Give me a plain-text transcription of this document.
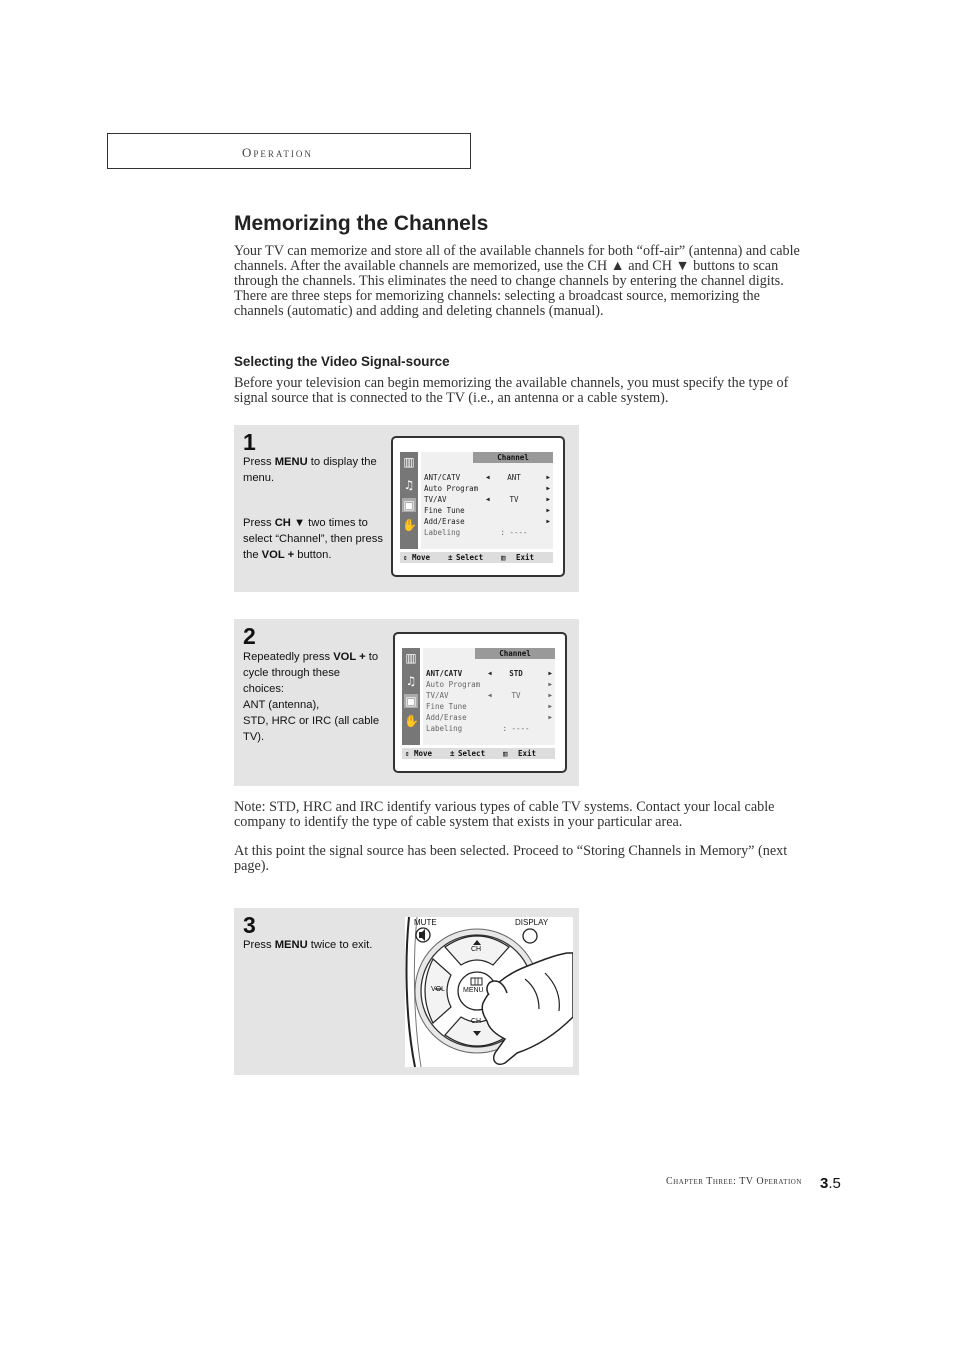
Operation
Memorizing the Channels

Your TV can memorize and store all of the available channels for both “off-air” (antenna) and cable channels. After the available channels are memorized, use the CH ▲ and CH ▼ buttons to scan through the channels. This eliminates the need to change channels by entering the channel digits. There are three steps for memorizing channels: selecting a broadcast source, memorizing the channels (automatic) and adding and deleting channels (manual).

Selecting the Video Signal-source

Before your television can begin memorizing the available channels, you must specify the type of signal source that is connected to the TV (i.e., an antenna or a cable system).

1

Press MENU to display the menu.

Press CH ▼ two times to select “Channel”, then press the VOL + button.

▥
♫
▣
✋
Channel
ANT/CATV	◀	ANT	▶
Auto Program	▶
TV/AV	◀	TV	▶
Fine Tune	▶
Add/Erase	▶
Labeling	: ----
⇕ Move ± Select ▥ Exit
2

Repeatedly press VOL + to cycle through these choices:
ANT (antenna),
STD, HRC or IRC (all cable TV).

▥
♫
▣
✋
Channel
ANT/CATV	◀	STD	▶
Auto Program	▶
TV/AV	◀	TV	▶
Fine Tune	▶
Add/Erase	▶
Labeling	: ----
⇕ Move ± Select ▥ Exit

Note: STD, HRC and IRC identify various types of cable TV systems. Contact your local cable company to identify the type of cable system that exists in your particular area.

At this point the signal source has been selected. Proceed to “Storing Channels in Memory” (next page).

3

Press MENU twice to exit.

MUTE	DISPLAY
CH
CH
VOL	MENU
Chapter Three: TV Operation 3.5
